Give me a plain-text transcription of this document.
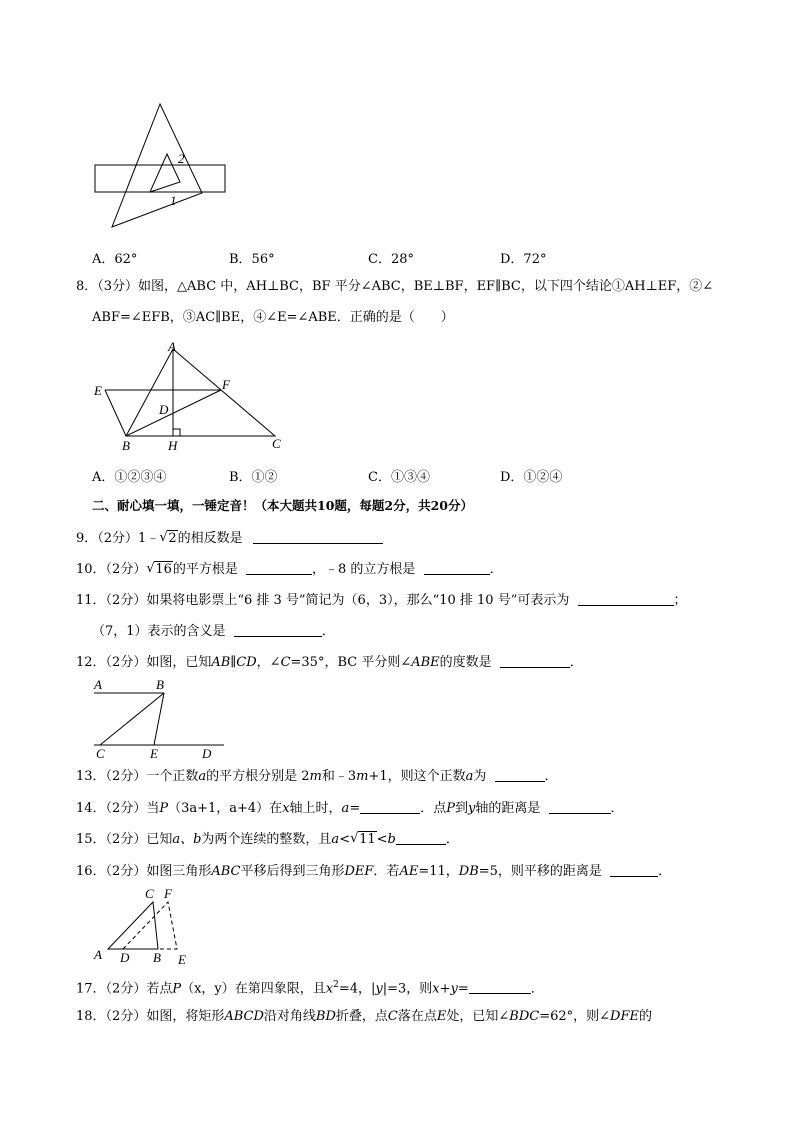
2
1
A．62°	B．56°	C．28°	D．72°
8．（3分）如图，△ABC 中，AH⊥BC，BF 平分∠ABC，BE⊥BF，EF∥BC，以下四个结论①AH⊥EF，②∠
ABF=∠EFB，③AC∥BE，④∠E=∠ABE．正确的是（　　）
A
E	F
D
B	H	C
A．①②③④	B．①②	C．①③④	D．①②④
二、耐心填一填，一锤定音！（本大题共10题，每题2分，共20分）
9．（2分）1﹣ √ 2的相反数是
10．（2分） √ 16的平方根是	，﹣8 的立方根是	．
11．（2分）如果将电影票上“6 排 3 号”简记为（6，3），那么“10 排 10 号”可表示为	；
（7，1）表示的含义是	．
12．（2分）如图，已知AB∥CD，∠C=35°，BC 平分则∠ABE的度数是	．
A	B
C	E	D
13．（2分）一个正数a的平方根分别是 2m和﹣3m+1，则这个正数a为	．
14．（2分）当P（3a+1，a+4）在x轴上时，a=	．点P到y轴的距离是	．
15．（2分）已知a、b为两个连续的整数，且a< √ 11<b	．
16．（2分）如图三角形ABC平移后得到三角形DEF．若AE=11，DB=5，则平移的距离是	．
C F
A D B E
17．（2分）若点P（x，y）在第四象限，且$x^2=4$，|y|=3，则x+y=	．
18．（2分）如图，将矩形ABCD沿对角线BD折叠，点C落在点E处，已知∠BDC=62°，则∠DFE的
